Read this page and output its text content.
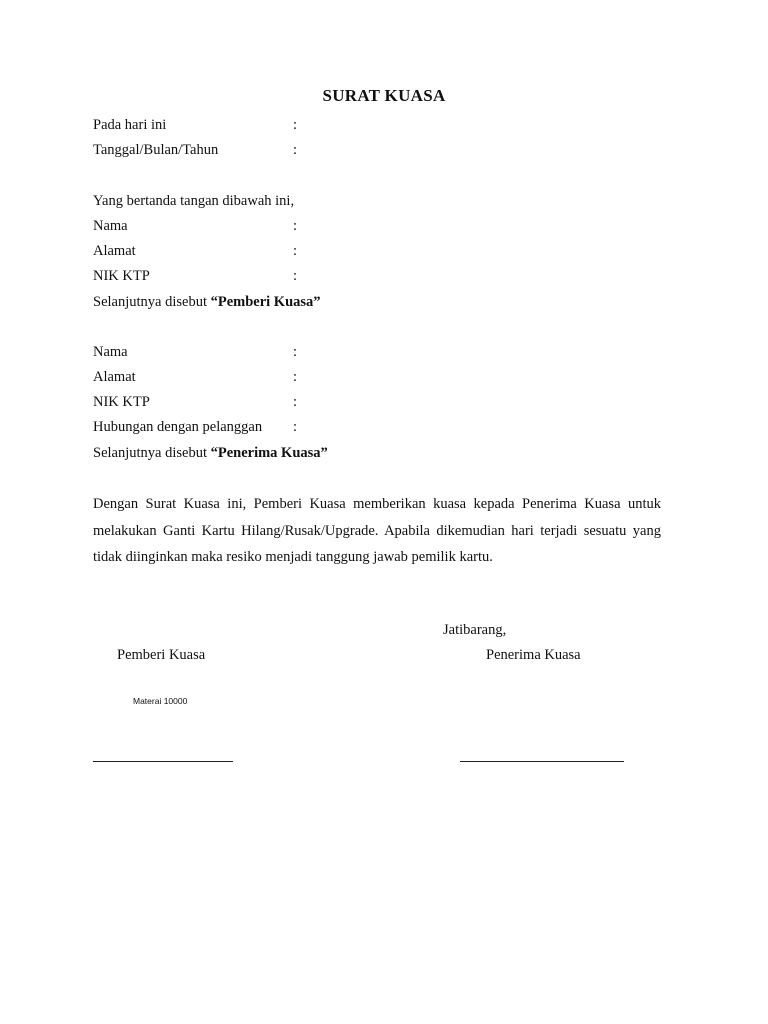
SURAT KUASA
Pada hari ini	:
Tanggal/Bulan/Tahun	:
Yang bertanda tangan dibawah ini,
Nama	:
Alamat	:
NIK KTP	:
Selanjutnya disebut “Pemberi Kuasa”
Nama	:
Alamat	:
NIK KTP	:
Hubungan dengan pelanggan :
Selanjutnya disebut “Penerima Kuasa”
Dengan Surat Kuasa ini, Pemberi Kuasa memberikan kuasa kepada Penerima Kuasa untuk melakukan Ganti Kartu Hilang/Rusak/Upgrade. Apabila dikemudian hari terjadi sesuatu yang tidak diinginkan maka resiko menjadi tanggung jawab pemilik kartu.
Jatibarang,
Pemberi Kuasa	Penerima Kuasa
Materai 10000
